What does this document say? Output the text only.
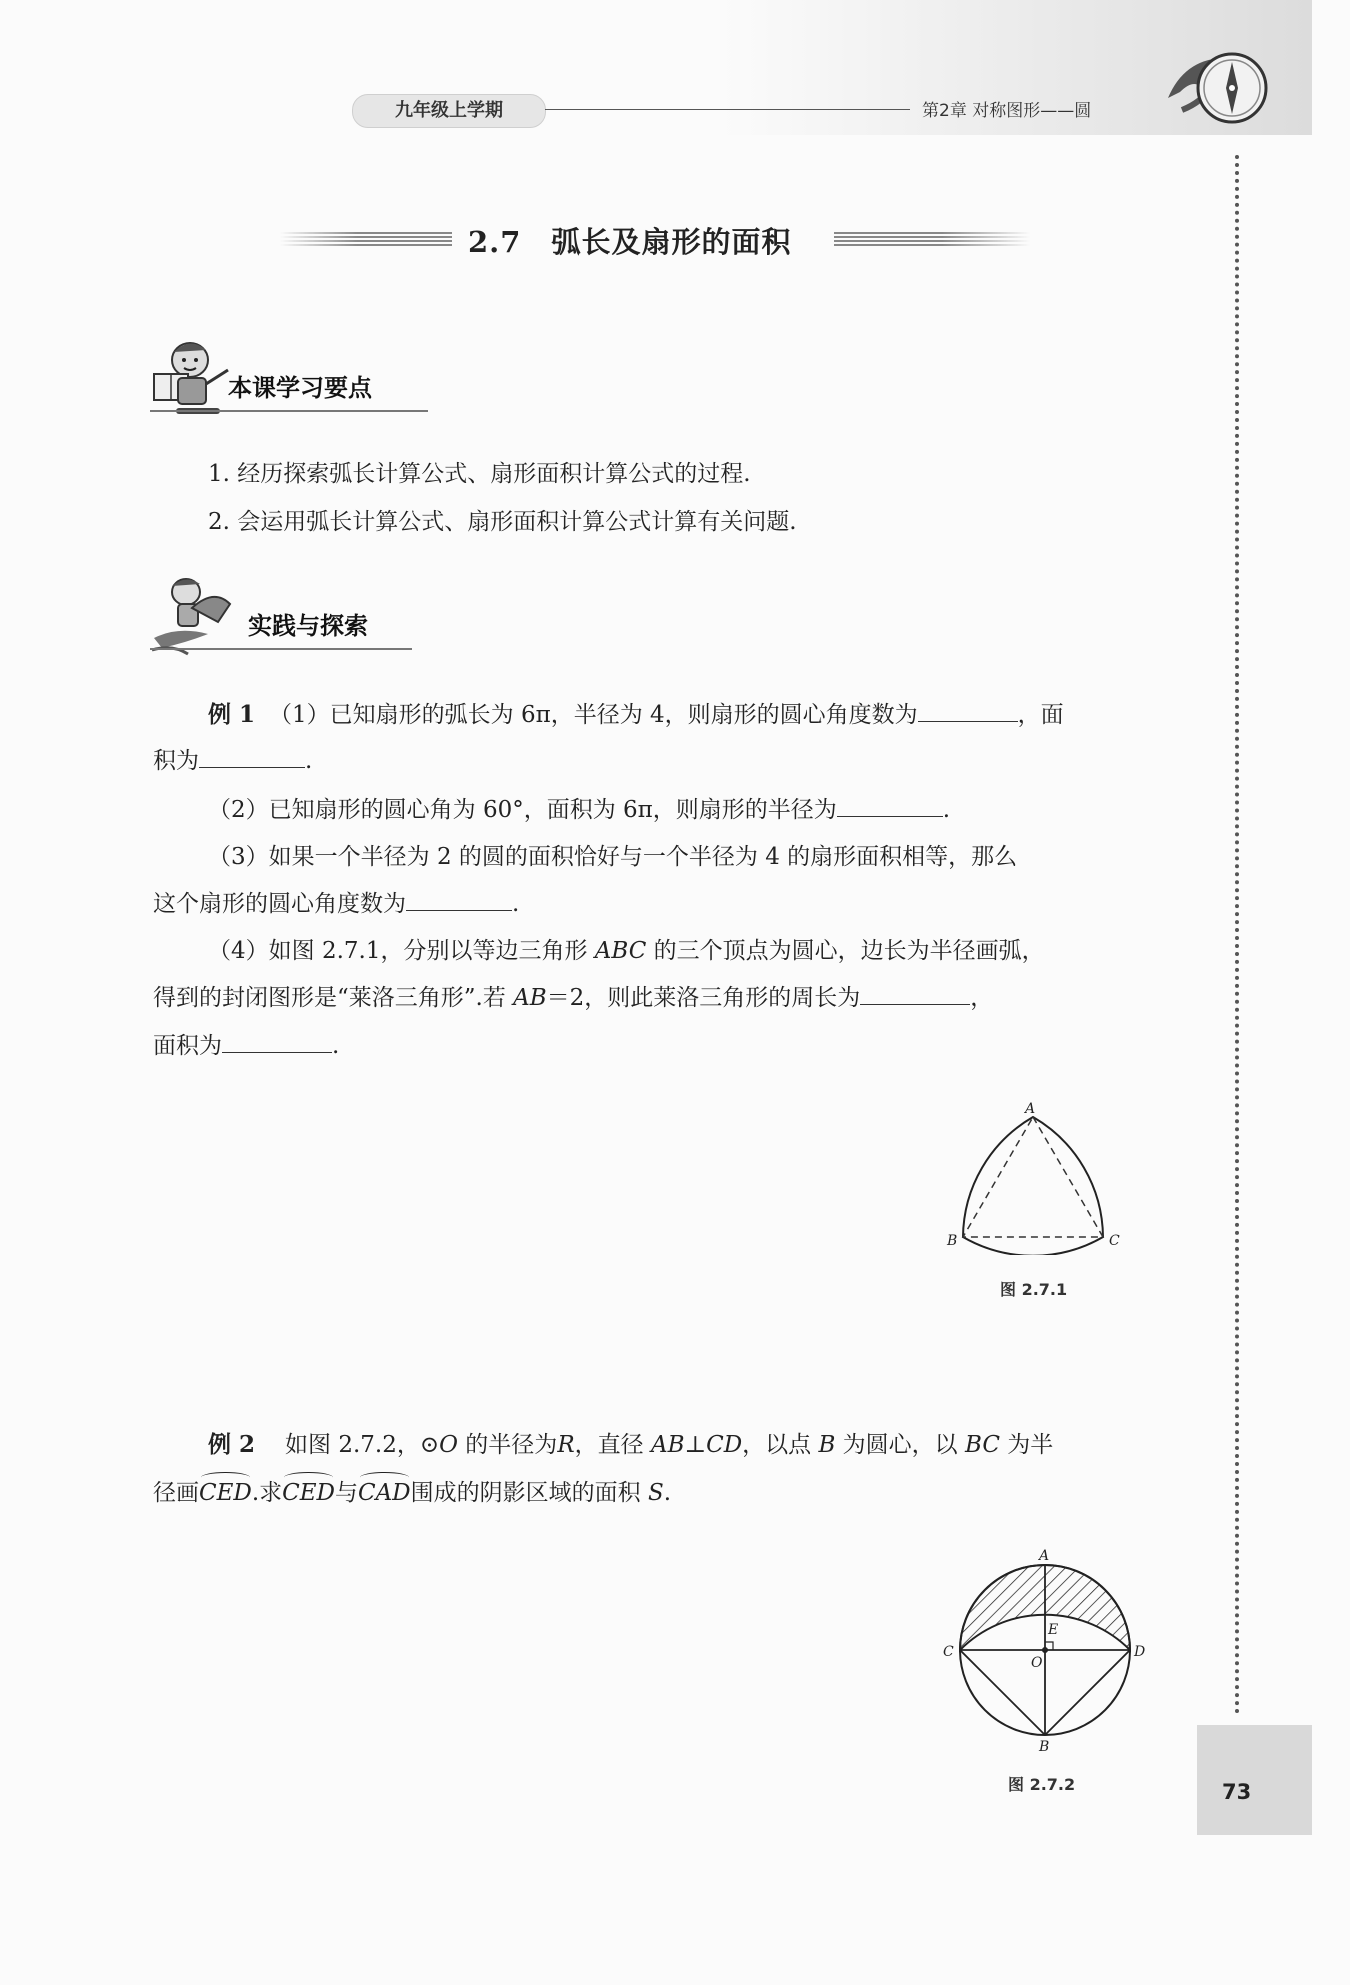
九年级上学期	第2章 对称图形——圆
2.7 弧长及扇形的面积
本课学习要点
1. 经历探索弧长计算公式、扇形面积计算公式的过程.
2. 会运用弧长计算公式、扇形面积计算公式计算有关问题.
实践与探索
例 1 （1）已知扇形的弧长为 6π，半径为 4，则扇形的圆心角度数为	，面
积为	.
（2）已知扇形的圆心角为 60°，面积为 6π，则扇形的半径为	.
（3）如果一个半径为 2 的圆的面积恰好与一个半径为 4 的扇形面积相等，那么
这个扇形的圆心角度数为	.
（4）如图 2.7.1，分别以等边三角形 ABC 的三个顶点为圆心，边长为半径画弧，
得到的封闭图形是“莱洛三角形”.若 AB＝2，则此莱洛三角形的周长为	，
面积为	.
A
B	C
图 2.7.1
例 2 如图 2.7.2，⊙O 的半径为R，直径 AB⊥CD，以点 B 为圆心，以 BC 为半
径画CED.求CED与CAD围成的阴影区域的面积 S.
A
E
C	D
O
B
图 2.7.2	73
